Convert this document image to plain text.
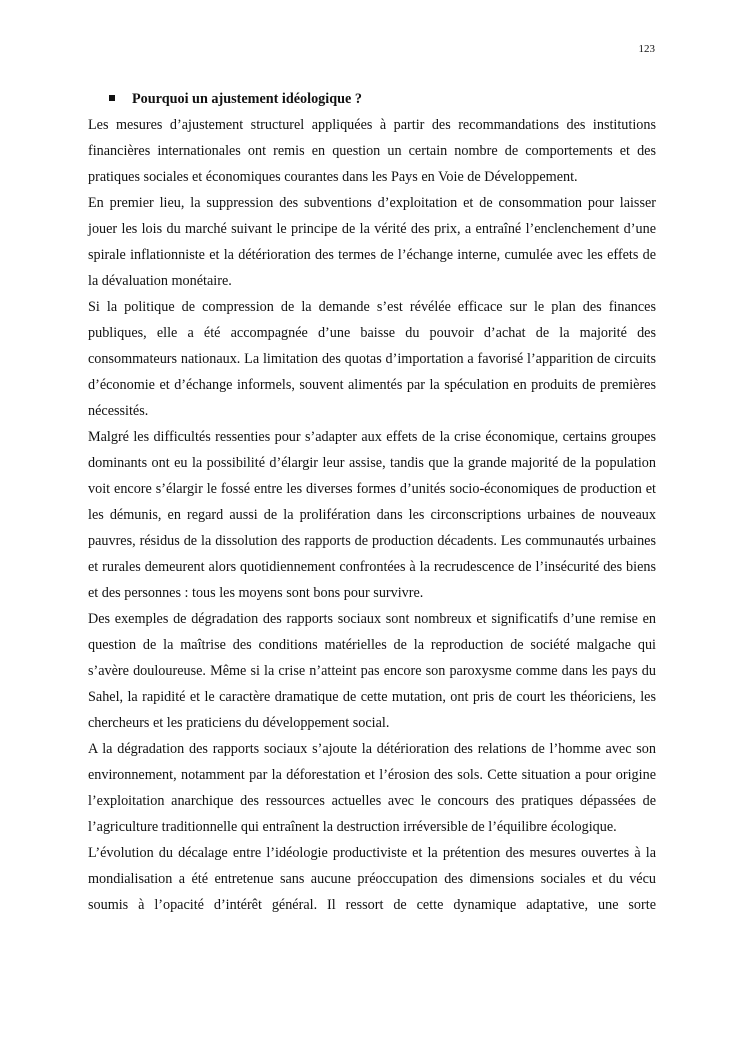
123
Pourquoi un ajustement idéologique ?

Les mesures d’ajustement structurel appliquées à partir des recommandations des institutions financières internationales ont remis en question un certain nombre de comportements et des pratiques sociales et économiques courantes dans les Pays en Voie de Développement.

En premier lieu, la suppression des subventions d’exploitation et de consommation pour laisser jouer les lois du marché suivant le principe de la vérité des prix, a entraîné l’enclenchement d’une spirale inflationniste et la détérioration des termes de l’échange interne, cumulée avec les effets de la dévaluation monétaire.

Si la politique de compression de la demande s’est révélée efficace sur le plan des finances publiques, elle a été accompagnée d’une baisse du pouvoir d’achat de la majorité des consommateurs nationaux. La limitation des quotas d’importation a favorisé l’apparition de circuits d’économie et d’échange informels, souvent alimentés par la spéculation en produits de premières nécessités.

Malgré les difficultés ressenties pour s’adapter aux effets de la crise économique, certains groupes dominants ont eu la possibilité d’élargir leur assise, tandis que la grande majorité de la population voit encore s’élargir le fossé entre les diverses formes d’unités socio-économiques de production et les démunis, en regard aussi de la prolifération dans les circonscriptions urbaines de nouveaux pauvres, résidus de la dissolution des rapports de production décadents. Les communautés urbaines et rurales demeurent alors quotidiennement confrontées à la recrudescence de l’insécurité des biens et des personnes : tous les moyens sont bons pour survivre.

Des exemples de dégradation des rapports sociaux sont nombreux et significatifs d’une remise en question de la maîtrise des conditions matérielles de la reproduction de société malgache qui s’avère douloureuse. Même si la crise n’atteint pas encore son paroxysme comme dans les pays du Sahel, la rapidité et le caractère dramatique de cette mutation, ont pris de court les théoriciens, les chercheurs et les praticiens du développement social.

A la dégradation des rapports sociaux s’ajoute la détérioration des relations de l’homme avec son environnement, notamment par la déforestation et l’érosion des sols. Cette situation a pour origine l’exploitation anarchique des ressources actuelles avec le concours des pratiques dépassées de l’agriculture traditionnelle qui entraînent la destruction irréversible de l’équilibre écologique.

L’évolution du décalage entre l’idéologie productiviste et la prétention des mesures ouvertes à la mondialisation a été entretenue sans aucune préoccupation des dimensions sociales et du vécu soumis à l’opacité d’intérêt général. Il ressort de cette dynamique adaptative, une sorte
